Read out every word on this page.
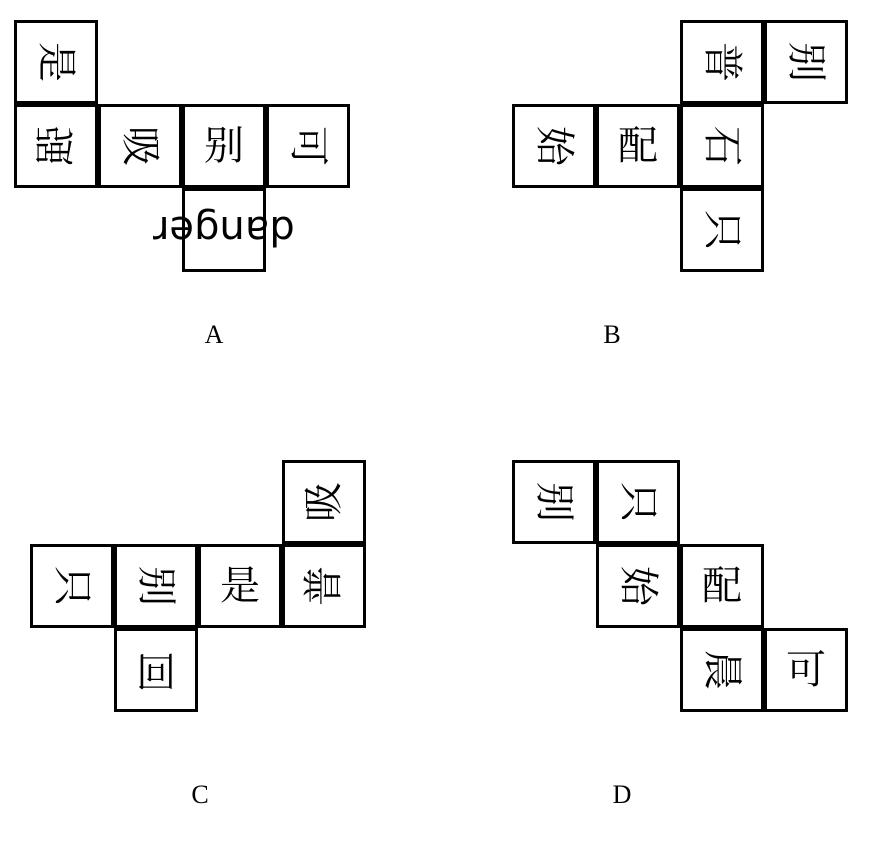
是
强 吸 别 可
danger
A
普 别
始 配 石
只
B
吸
只 别 是 普
回
C
别 只
始 配
晨 可
D
